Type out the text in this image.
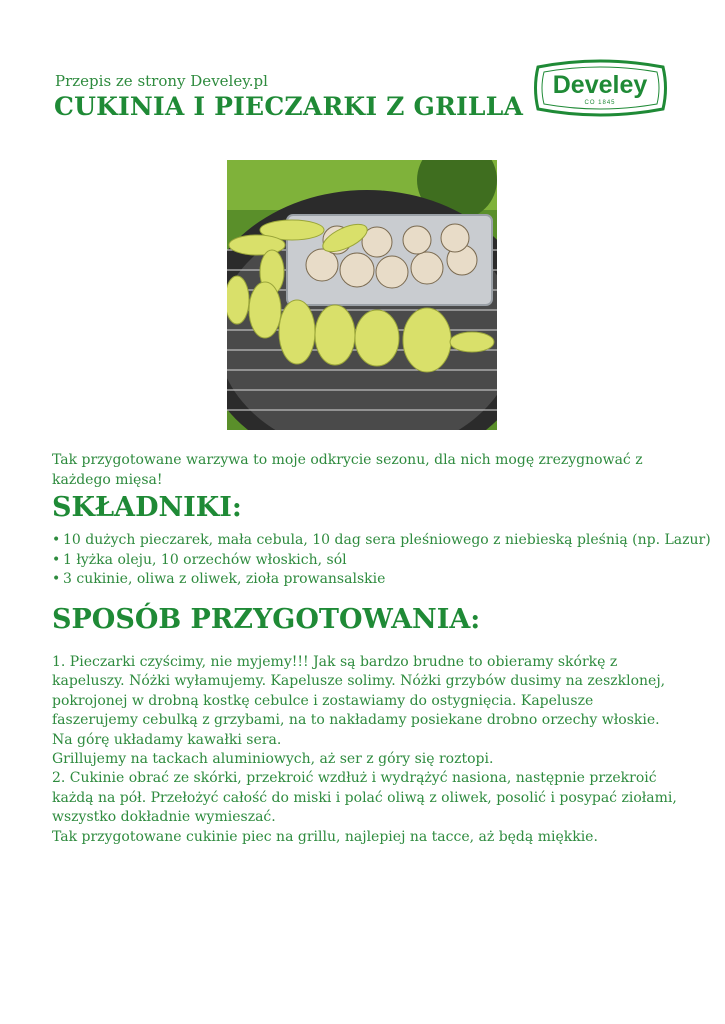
Przepis ze strony Develey.pl
CUKINIA I PIECZARKI Z GRILLA
Develey
CO 1845

Tak przygotowane warzywa to moje odkrycie sezonu, dla nich mogę zrezygnować z każdego mięsa!

SKŁADNIKI:
• 10 dużych pieczarek, mała cebula, 10 dag sera pleśniowego z niebieską pleśnią (np. Lazur)
• 1 łyżka oleju, 10 orzechów włoskich, sól
• 3 cukinie, oliwa z oliwek, zioła prowansalskie
SPOSÓB PRZYGOTOWANIA:

1. Pieczarki czyścimy, nie myjemy!!! Jak są bardzo brudne to obieramy skórkę z kapeluszy. Nóżki wyłamujemy. Kapelusze solimy. Nóżki grzybów dusimy na zeszklonej, pokrojonej w drobną kostkę cebulce i zostawiamy do ostygnięcia. Kapelusze faszerujemy cebulką z grzybami, na to nakładamy posiekane drobno orzechy włoskie. Na górę układamy kawałki sera.

Grillujemy na tackach aluminiowych, aż ser z góry się roztopi.

2. Cukinie obrać ze skórki, przekroić wzdłuż i wydrążyć nasiona, następnie przekroić każdą na pół. Przełożyć całość do miski i polać oliwą z oliwek, posolić i posypać ziołami, wszystko dokładnie wymieszać.

Tak przygotowane cukinie piec na grillu, najlepiej na tacce, aż będą miękkie.
